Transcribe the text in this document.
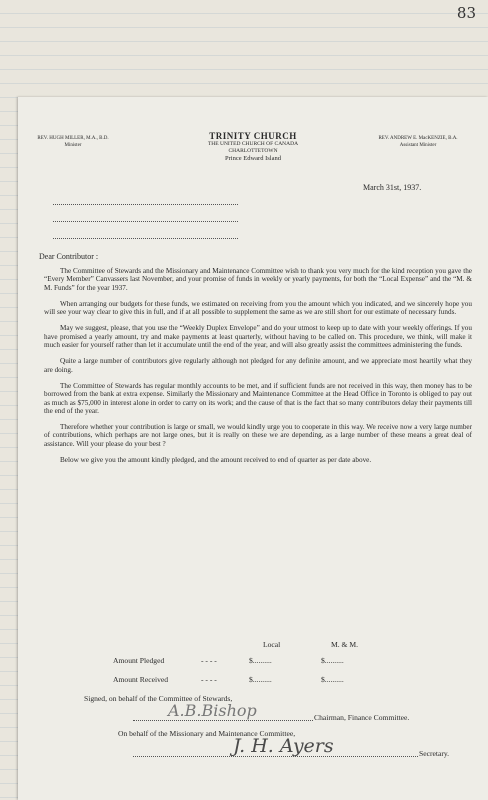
83
REV. HUGH MILLER, M.A., B.D.
Minister
TRINITY CHURCH
THE UNITED CHURCH OF CANADA
CHARLOTTETOWN
Prince Edward Island
REV. ANDREW E. MacKENZIE, B.A.
Assistant Minister
March 31st, 1937.
Dear Contributor :

The Committee of Stewards and the Missionary and Maintenance Committee wish to thank you very much for the kind reception you gave the “Every Member” Canvassers last November, and your promise of funds in weekly or yearly payments, for both the “Local Expense” and the “M. & M. Funds” for the year 1937.

When arranging our budgets for these funds, we estimated on receiving from you the amount which you indicated, and we sincerely hope you will see your way clear to give this in full, and if at all possible to supplement the same as we are still short for our estimate of necessary funds.

May we suggest, please, that you use the “Weekly Duplex Envelope” and do your utmost to keep up to date with your weekly offerings. If you have promised a yearly amount, try and make payments at least quarterly, without having to be called on. This procedure, we think, will make it much easier for yourself rather than let it accumulate until the end of the year, and will also greatly assist the committees administering the funds.

Quite a large number of contributors give regularly although not pledged for any definite amount, and we appreciate most heartily what they are doing.

The Committee of Stewards has regular monthly accounts to be met, and if sufficient funds are not received in this way, then money has to be borrowed from the bank at extra expense. Similarly the Missionary and Maintenance Committee at the Head Office in Toronto is obliged to pay out as much as $75,000 in interest alone in order to carry on its work; and the cause of that is the fact that so many contributors delay their payments till the end of the year.

Therefore whether your contribution is large or small, we would kindly urge you to cooperate in this way. We receive now a very large number of contributions, which perhaps are not large ones, but it is really on these we are depending, as a large number of these means a great deal of assistance. Will your please do your best ?

Below we give you the amount kindly pledged, and the amount received to end of quarter as per date above.

Local	M. & M.
Amount Pledged	- - - -	$..........	$..........
Amount Received	- - - -	$..........	$..........
Signed, on behalf of the Committee of Stewards,
A.B.Bishop	Chairman, Finance Committee.
On behalf of the Missionary and Maintenance Committee,
J. H. Ayers	Secretary.
